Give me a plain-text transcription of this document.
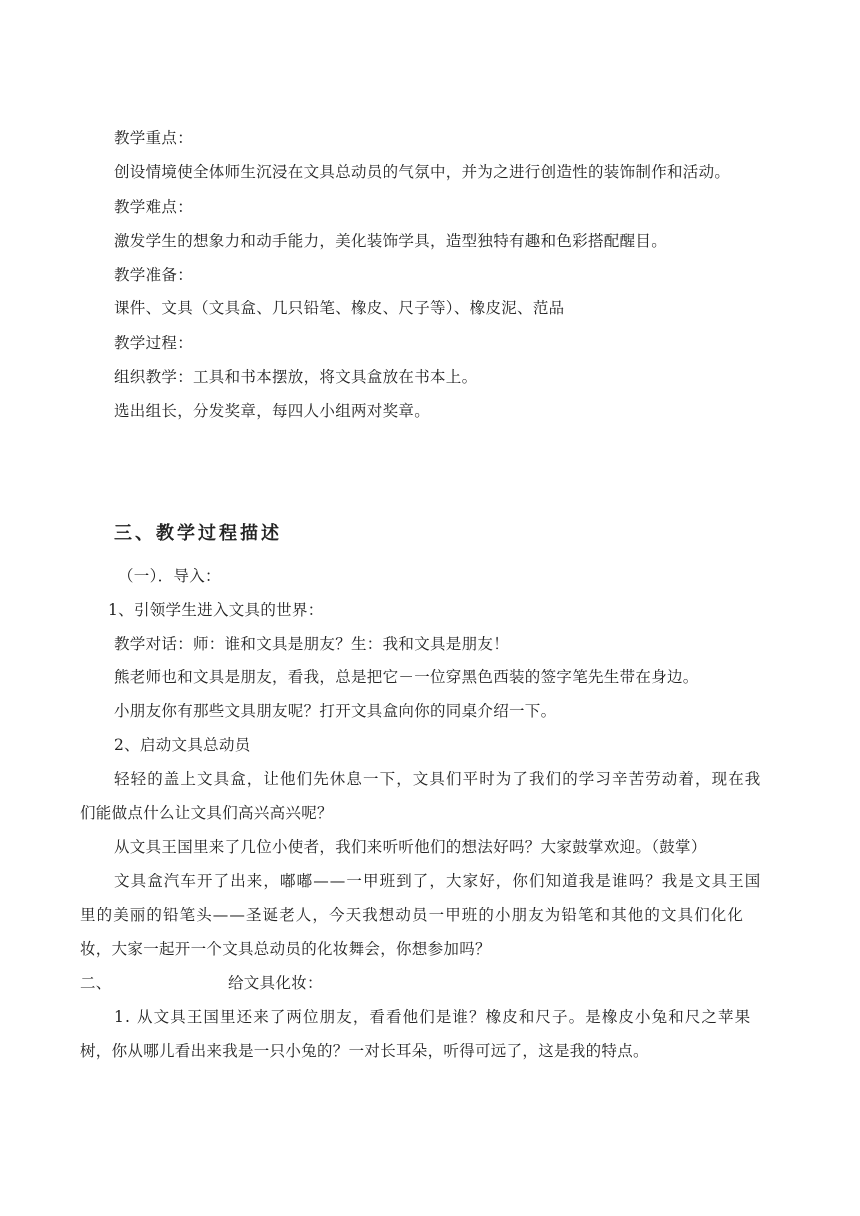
教学重点：
创设情境使全体师生沉浸在文具总动员的气氛中，并为之进行创造性的装饰制作和活动。
教学难点：
激发学生的想象力和动手能力，美化装饰学具，造型独特有趣和色彩搭配醒目。
教学准备：
课件、文具（文具盒、几只铅笔、橡皮、尺子等）、橡皮泥、范品
教学过程：
组织教学：工具和书本摆放，将文具盒放在书本上。
选出组长，分发奖章，每四人小组两对奖章。
三、教学过程描述
（一）．导入：
1、引领学生进入文具的世界：
教学对话：师：谁和文具是朋友？生：我和文具是朋友！
熊老师也和文具是朋友，看我，总是把它－一位穿黑色西装的签字笔先生带在身边。
小朋友你有那些文具朋友呢？打开文具盒向你的同桌介绍一下。
2、启动文具总动员
轻轻的盖上文具盒，让他们先休息一下，文具们平时为了我们的学习辛苦劳动着，现在我
们能做点什么让文具们高兴高兴呢？
从文具王国里来了几位小使者，我们来听听他们的想法好吗？大家鼓掌欢迎。（鼓掌）
文具盒汽车开了出来，嘟嘟——一甲班到了，大家好，你们知道我是谁吗？我是文具王国
里的美丽的铅笔头——圣诞老人，今天我想动员一甲班的小朋友为铅笔和其他的文具们化化
妆，大家一起开一个文具总动员的化妆舞会，你想参加吗？
二、	给文具化妆：
1. 从文具王国里还来了两位朋友，看看他们是谁？橡皮和尺子。是橡皮小兔和尺之苹果
树，你从哪儿看出来我是一只小兔的？一对长耳朵，听得可远了，这是我的特点。
